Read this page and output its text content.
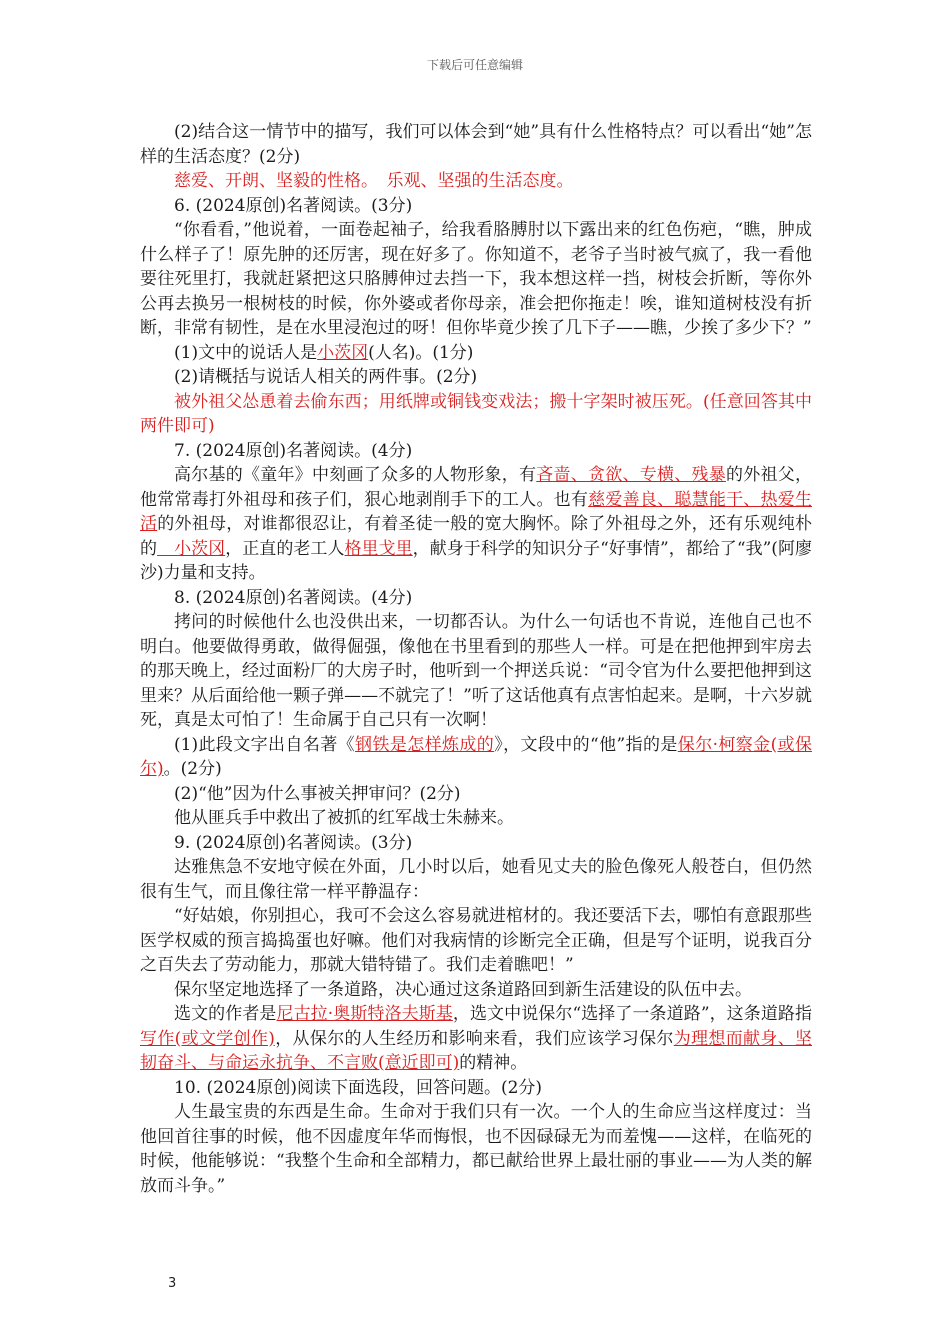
下载后可任意编辑

(2)结合这一情节中的描写，我们可以体会到“她”具有什么性格特点？可以看出“她”怎样的生活态度？(2分)

慈爱、开朗、坚毅的性格。　乐观、坚强的生活态度。

6. (2024原创)名著阅读。(3分)

“你看看，”他说着，一面卷起袖子，给我看胳膊肘以下露出来的红色伤疤，“瞧，肿成什么样子了！原先肿的还厉害，现在好多了。你知道不，老爷子当时被气疯了，我一看他要往死里打，我就赶紧把这只胳膊伸过去挡一下，我本想这样一挡，树枝会折断，等你外公再去换另一根树枝的时候，你外婆或者你母亲，准会把你拖走！唉，谁知道树枝没有折断，非常有韧性，是在水里浸泡过的呀！但你毕竟少挨了几下子——瞧，少挨了多少下？”

(1)文中的说话人是小茨冈(人名)。(1分)

(2)请概括与说话人相关的两件事。(2分)

被外祖父怂恿着去偷东西；用纸牌或铜钱变戏法；搬十字架时被压死。(任意回答其中两件即可)

7. (2024原创)名著阅读。(4分)

高尔基的《童年》中刻画了众多的人物形象，有吝啬、贪欲、专横、残暴的外祖父，他常常毒打外祖母和孩子们，狠心地剥削手下的工人。也有慈爱善良、聪慧能干、热爱生活的外祖母，对谁都很忍让，有着圣徒一般的宽大胸怀。除了外祖母之外，还有乐观纯朴的　小茨冈，正直的老工人格里戈里，献身于科学的知识分子“好事情”，都给了“我”(阿廖沙)力量和支持。

8. (2024原创)名著阅读。(4分)

拷问的时候他什么也没供出来，一切都否认。为什么一句话也不肯说，连他自己也不明白。他要做得勇敢，做得倔强，像他在书里看到的那些人一样。可是在把他押到牢房去的那天晚上，经过面粉厂的大房子时，他听到一个押送兵说：“司令官为什么要把他押到这里来？从后面给他一颗子弹——不就完了！”听了这话他真有点害怕起来。是啊，十六岁就死，真是太可怕了！生命属于自己只有一次啊！

(1)此段文字出自名著《钢铁是怎样炼成的》，文段中的“他”指的是保尔·柯察金(或保尔)。(2分)

(2)“他”因为什么事被关押审问？(2分)

他从匪兵手中救出了被抓的红军战士朱赫来。

9. (2024原创)名著阅读。(3分)

达雅焦急不安地守候在外面，几小时以后，她看见丈夫的脸色像死人般苍白，但仍然很有生气，而且像往常一样平静温存：

“好姑娘，你别担心，我可不会这么容易就进棺材的。我还要活下去，哪怕有意跟那些医学权威的预言捣捣蛋也好嘛。他们对我病情的诊断完全正确，但是写个证明，说我百分之百失去了劳动能力，那就大错特错了。我们走着瞧吧！”

保尔坚定地选择了一条道路，决心通过这条道路回到新生活建设的队伍中去。

选文的作者是尼古拉·奥斯特洛夫斯基，选文中说保尔“选择了一条道路”，这条道路指写作(或文学创作)，从保尔的人生经历和影响来看，我们应该学习保尔为理想而献身、坚韧奋斗、与命运永抗争、不言败(意近即可)的精神。

10. (2024原创)阅读下面选段，回答问题。(2分)

人生最宝贵的东西是生命。生命对于我们只有一次。一个人的生命应当这样度过：当他回首往事的时候，他不因虚度年华而悔恨，也不因碌碌无为而羞愧——这样，在临死的时候，他能够说：“我整个生命和全部精力，都已献给世界上最壮丽的事业——为人类的解放而斗争。”

3
